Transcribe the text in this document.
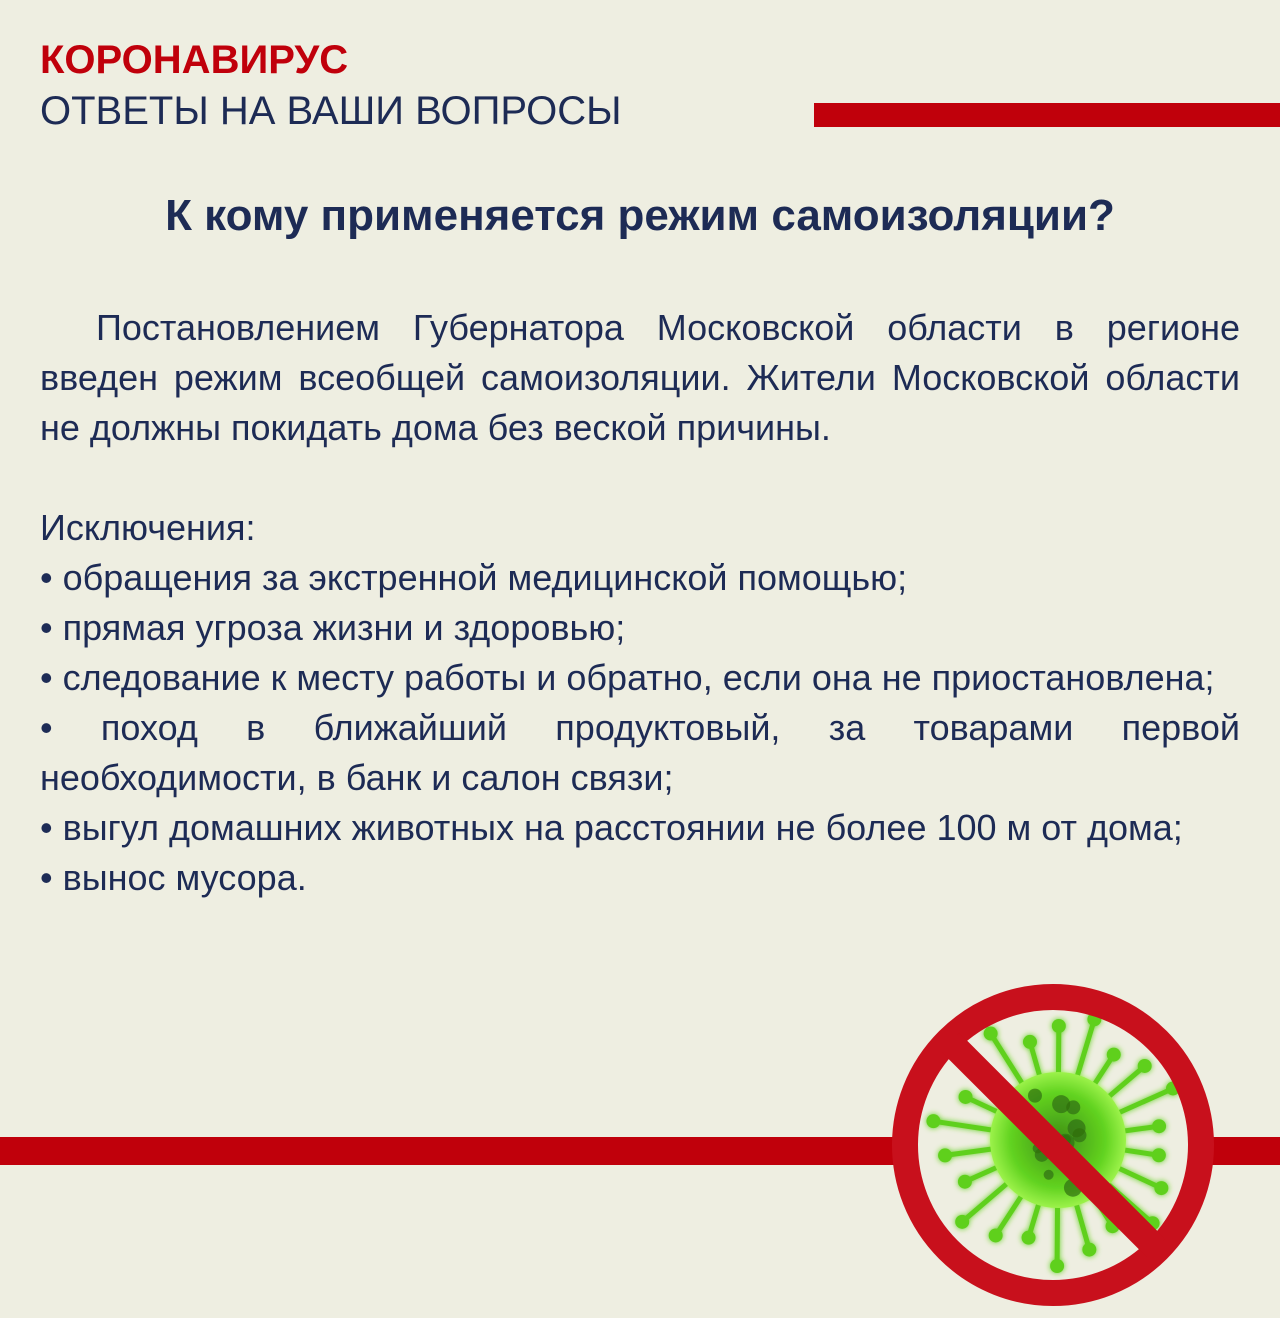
КОРОНАВИРУС
ОТВЕТЫ НА ВАШИ ВОПРОСЫ
К кому применяется режим самоизоляции?

Постановлением Губернатора Московской области в регионе введен режим всеобщей самоизоляции. Жители Московской области не должны покидать дома без веской причины.

Исключения:

• обращения за экстренной медицинской помощью;

• прямая угроза жизни и здоровью;

• следование к месту работы и обратно, если она не приостановлена;

• поход в ближайший продуктовый, за товарами первой необходимости, в банк и салон связи;

• выгул домашних животных на расстоянии не более 100 м от дома;

• вынос мусора.
